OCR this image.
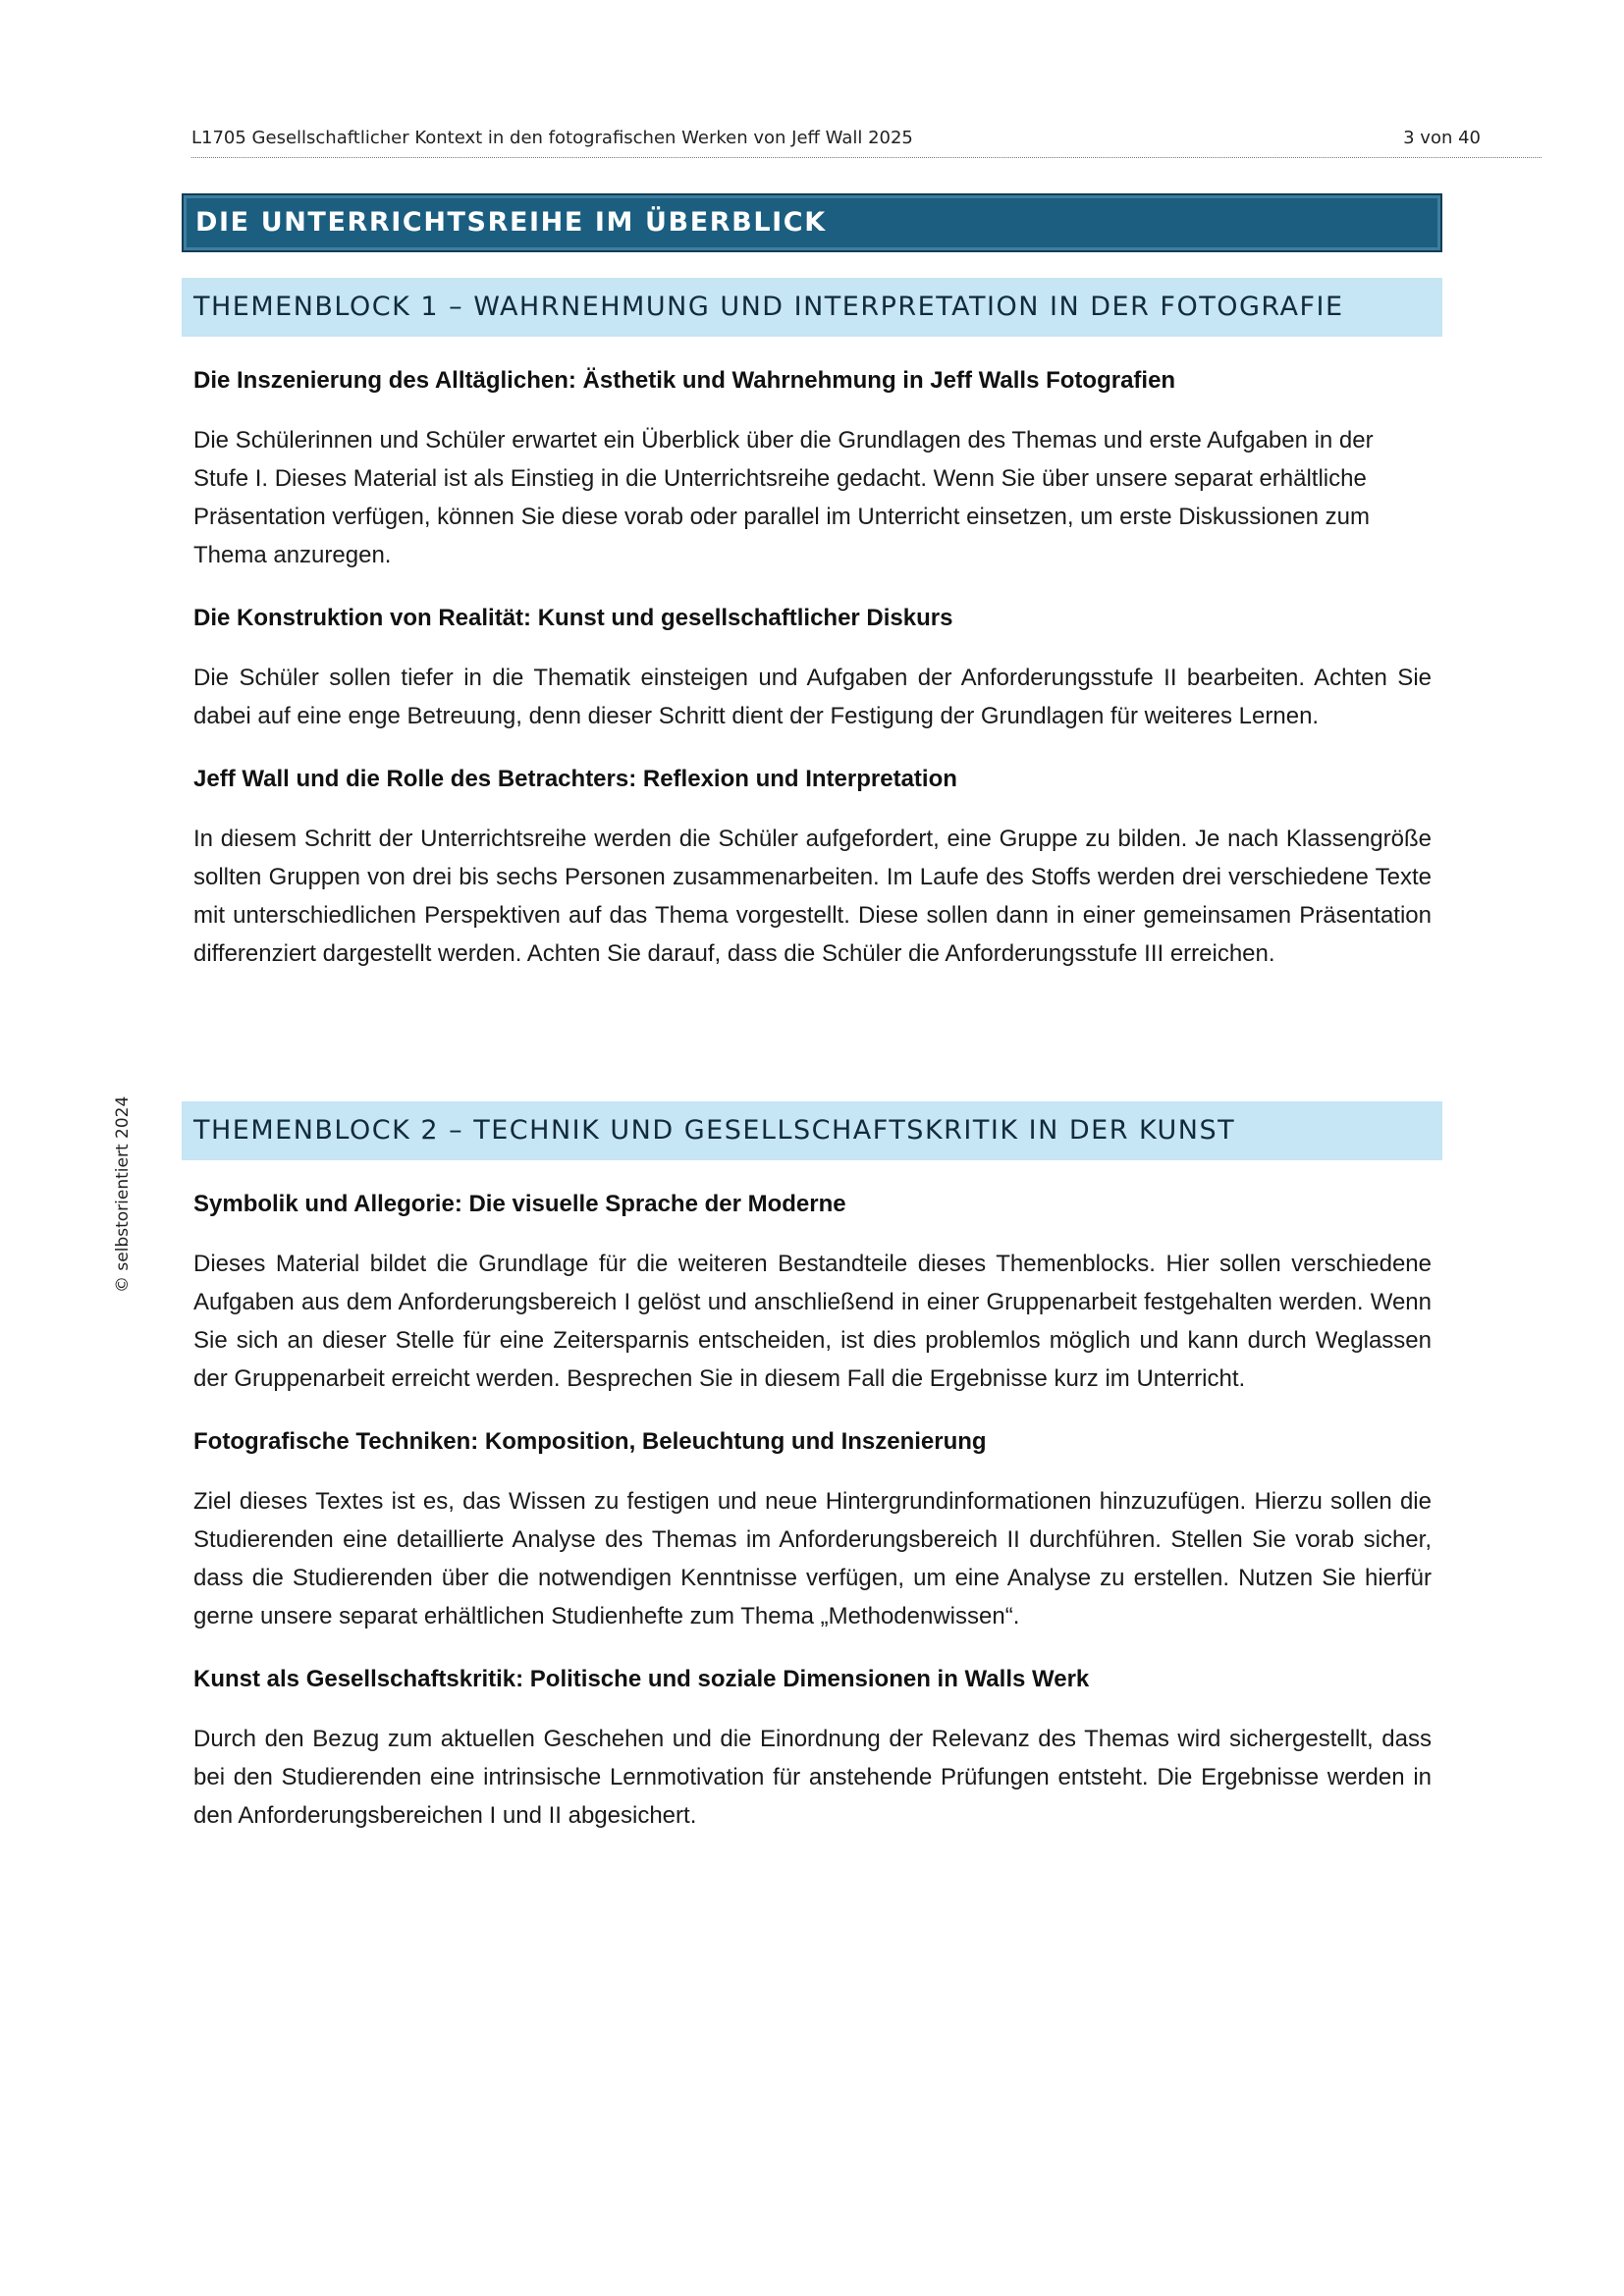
L1705 Gesellschaftlicher Kontext in den fotografischen Werken von Jeff Wall 2025	3 von 40
© selbstorientiert 2024
DIE UNTERRICHTSREIHE IM ÜBERBLICK
THEMENBLOCK 1 – WAHRNEHMUNG UND INTERPRETATION IN DER FOTOGRAFIE

Die Inszenierung des Alltäglichen: Ästhetik und Wahrnehmung in Jeff Walls Fotografien

Die Schülerinnen und Schüler erwartet ein Überblick über die Grundlagen des Themas und erste Aufgaben in der Stufe I. Dieses Material ist als Einstieg in die Unterrichtsreihe gedacht. Wenn Sie über unsere separat erhältliche Präsentation verfügen, können Sie diese vorab oder parallel im Unterricht einsetzen, um erste Diskussionen zum Thema anzuregen.

Die Konstruktion von Realität: Kunst und gesellschaftlicher Diskurs

Die Schüler sollen tiefer in die Thematik einsteigen und Aufgaben der Anforderungsstufe II bearbeiten. Achten Sie dabei auf eine enge Betreuung, denn dieser Schritt dient der Festigung der Grundlagen für weiteres Lernen.

Jeff Wall und die Rolle des Betrachters: Reflexion und Interpretation

In diesem Schritt der Unterrichtsreihe werden die Schüler aufgefordert, eine Gruppe zu bilden. Je nach Klassengröße sollten Gruppen von drei bis sechs Personen zusammenarbeiten. Im Laufe des Stoffs werden drei verschiedene Texte mit unterschiedlichen Perspektiven auf das Thema vorgestellt. Diese sollen dann in einer gemeinsamen Präsentation differenziert dargestellt werden. Achten Sie darauf, dass die Schüler die Anforderungsstufe III erreichen.

THEMENBLOCK 2 – TECHNIK UND GESELLSCHAFTSKRITIK IN DER KUNST

Symbolik und Allegorie: Die visuelle Sprache der Moderne

Dieses Material bildet die Grundlage für die weiteren Bestandteile dieses Themenblocks. Hier sollen verschiedene Aufgaben aus dem Anforderungsbereich I gelöst und anschließend in einer Gruppenarbeit festgehalten werden. Wenn Sie sich an dieser Stelle für eine Zeitersparnis entscheiden, ist dies problemlos möglich und kann durch Weglassen der Gruppenarbeit erreicht werden. Besprechen Sie in diesem Fall die Ergebnisse kurz im Unterricht.

Fotografische Techniken: Komposition, Beleuchtung und Inszenierung

Ziel dieses Textes ist es, das Wissen zu festigen und neue Hintergrundinformationen hinzuzufügen. Hierzu sollen die Studierenden eine detaillierte Analyse des Themas im Anforderungsbereich II durchführen. Stellen Sie vorab sicher, dass die Studierenden über die notwendigen Kenntnisse verfügen, um eine Analyse zu erstellen. Nutzen Sie hierfür gerne unsere separat erhältlichen Studienhefte zum Thema „Methodenwissen“.

Kunst als Gesellschaftskritik: Politische und soziale Dimensionen in Walls Werk

Durch den Bezug zum aktuellen Geschehen und die Einordnung der Relevanz des Themas wird sichergestellt, dass bei den Studierenden eine intrinsische Lernmotivation für anstehende Prüfungen entsteht. Die Ergebnisse werden in den Anforderungsbereichen I und II abgesichert.
